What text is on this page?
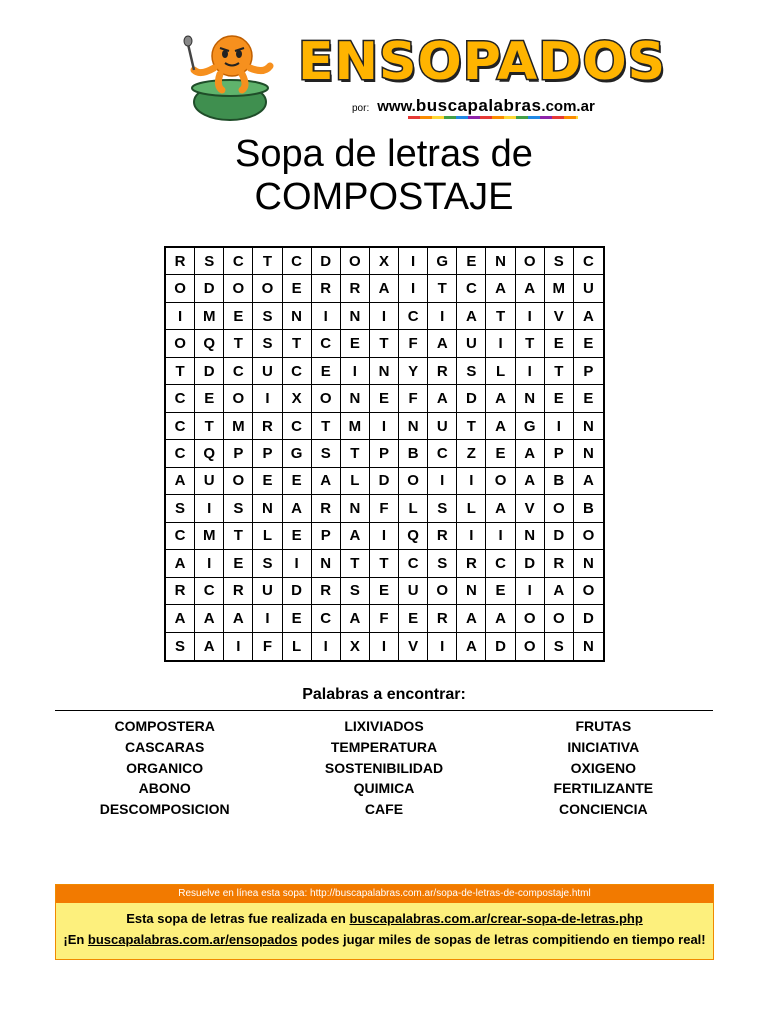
ENSOPADOS
por: www.buscapalabras.com.ar
Sopa de letras de
COMPOSTAJE
R	S	C	T	C	D	O	X	I	G	E	N	O	S	C
O	D	O	O	E	R	R	A	I	T	C	A	A	M	U
I	M	E	S	N	I	N	I	C	I	A	T	I	V	A
O	Q	T	S	T	C	E	T	F	A	U	I	T	E	E
T	D	C	U	C	E	I	N	Y	R	S	L	I	T	P
C	E	O	I	X	O	N	E	F	A	D	A	N	E	E
C	T	M	R	C	T	M	I	N	U	T	A	G	I	N
C	Q	P	P	G	S	T	P	B	C	Z	E	A	P	N
A	U	O	E	E	A	L	D	O	I	I	O	A	B	A
S	I	S	N	A	R	N	F	L	S	L	A	V	O	B
C	M	T	L	E	P	A	I	Q	R	I	I	N	D	O
A	I	E	S	I	N	T	T	C	S	R	C	D	R	N
R	C	R	U	D	R	S	E	U	O	N	E	I	A	O
A	A	A	I	E	C	A	F	E	R	A	A	O	O	D
S	A	I	F	L	I	X	I	V	I	A	D	O	S	N
Palabras a encontrar:
COMPOSTERA
CASCARAS
ORGANICO
ABONO
DESCOMPOSICION
LIXIVIADOS
TEMPERATURA
SOSTENIBILIDAD
QUIMICA
CAFE
FRUTAS
INICIATIVA
OXIGENO
FERTILIZANTE
CONCIENCIA
Resuelve en línea esta sopa: http://buscapalabras.com.ar/sopa-de-letras-de-compostaje.html
Esta sopa de letras fue realizada en buscapalabras.com.ar/crear-sopa-de-letras.php
¡En buscapalabras.com.ar/ensopados podes jugar miles de sopas de letras compitiendo en tiempo real!
